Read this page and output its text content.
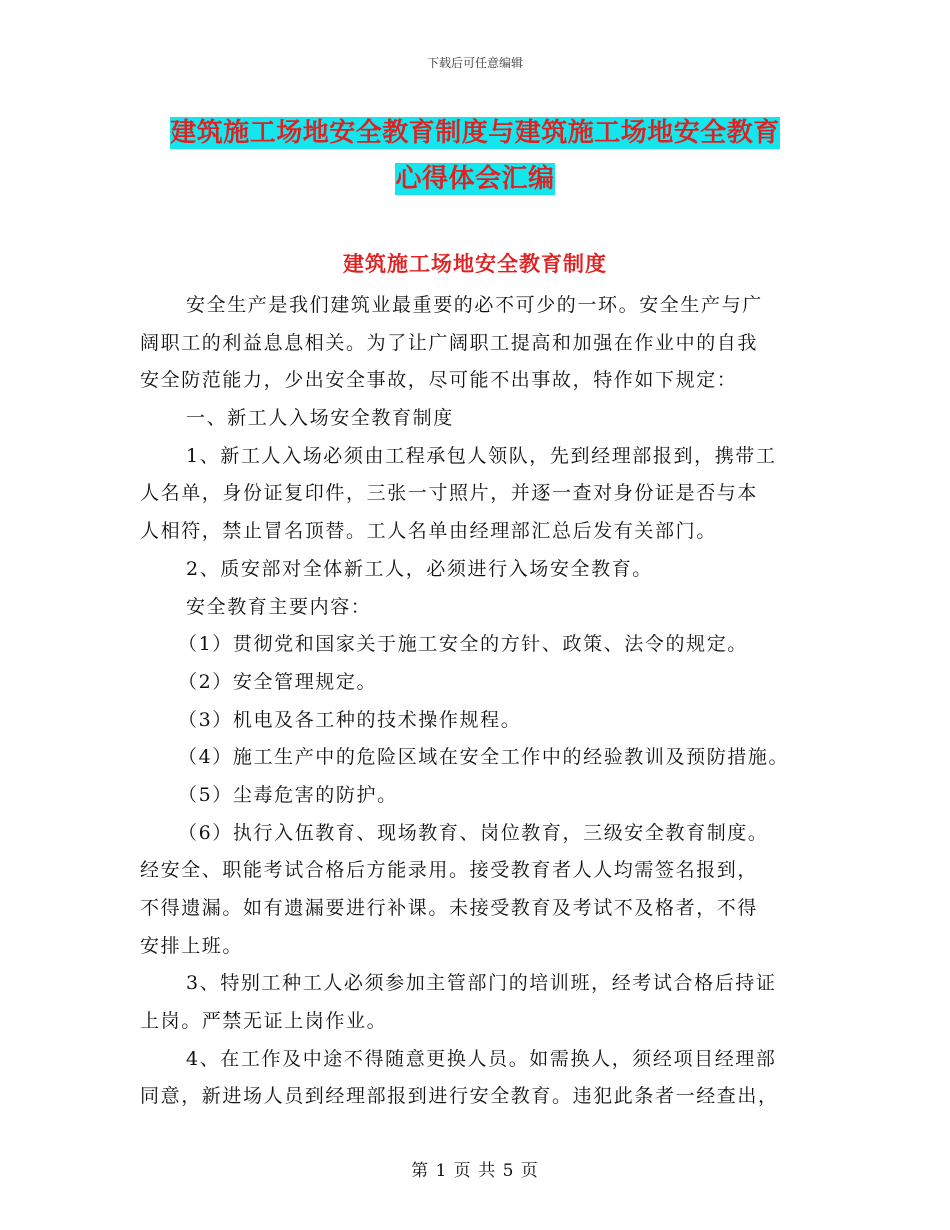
下载后可任意编辑
建筑施工场地安全教育制度与建筑施工场地安全教育
心得体会汇编
建筑施工场地安全教育制度
安全生产是我们建筑业最重要的必不可少的一环。安全生产与广
阔职工的利益息息相关。为了让广阔职工提高和加强在作业中的自我
安全防范能力，少出安全事故，尽可能不出事故，特作如下规定：
一、新工人入场安全教育制度
1、新工人入场必须由工程承包人领队，先到经理部报到，携带工
人名单，身份证复印件，三张一寸照片，并逐一查对身份证是否与本
人相符，禁止冒名顶替。工人名单由经理部汇总后发有关部门。
2、质安部对全体新工人，必须进行入场安全教育。
安全教育主要内容：
（1）贯彻党和国家关于施工安全的方针、政策、法令的规定。
（2）安全管理规定。
（3）机电及各工种的技术操作规程。
（4）施工生产中的危险区域在安全工作中的经验教训及预防措施。
（5）尘毒危害的防护。
（6）执行入伍教育、现场教育、岗位教育，三级安全教育制度。
经安全、职能考试合格后方能录用。接受教育者人人均需签名报到，
不得遗漏。如有遗漏要进行补课。未接受教育及考试不及格者，不得
安排上班。
3、特别工种工人必须参加主管部门的培训班，经考试合格后持证
上岗。严禁无证上岗作业。
4、在工作及中途不得随意更换人员。如需换人，须经项目经理部
同意，新进场人员到经理部报到进行安全教育。违犯此条者一经查出，
第 1 页 共 5 页
